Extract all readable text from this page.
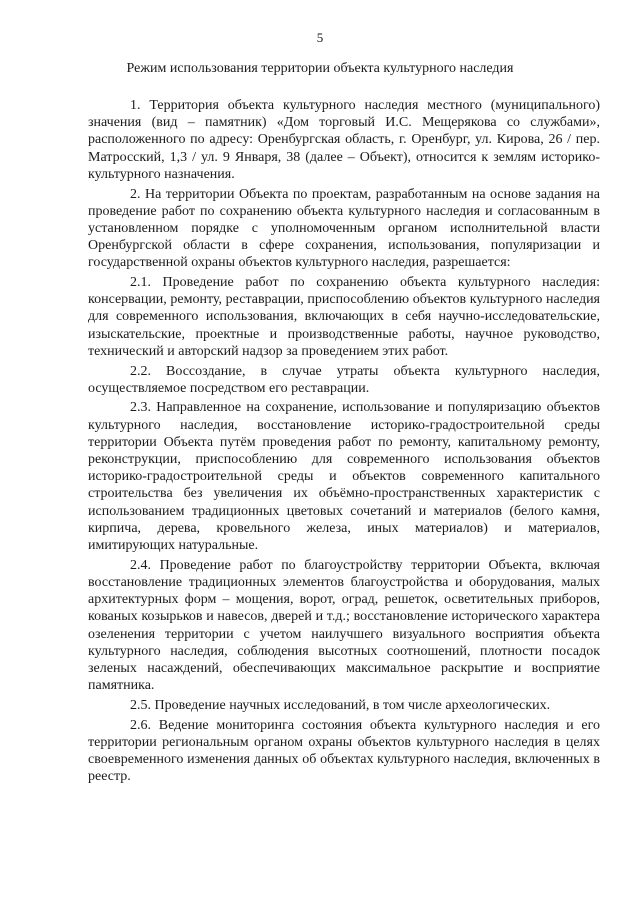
5
Режим использования территории объекта культурного наследия

1. Территория объекта культурного наследия местного (муниципального) значения (вид – памятник) «Дом торговый И.С. Мещерякова со службами», расположенного по адресу: Оренбургская область, г. Оренбург, ул. Кирова, 26 / пер. Матросский, 1,3 / ул. 9 Января, 38 (далее – Объект), относится к землям историко-культурного назначения.

2. На территории Объекта по проектам, разработанным на основе задания на проведение работ по сохранению объекта культурного наследия и согласованным в установленном порядке с уполномоченным органом исполнительной власти Оренбургской области в сфере сохранения, использования, популяризации и государственной охраны объектов культурного наследия, разрешается:

2.1. Проведение работ по сохранению объекта культурного наследия: консервации, ремонту, реставрации, приспособлению объектов культурного наследия для современного использования, включающих в себя научно-исследовательские, изыскательские, проектные и производственные работы, научное руководство, технический и авторский надзор за проведением этих работ.

2.2. Воссоздание, в случае утраты объекта культурного наследия, осуществляемое посредством его реставрации.

2.3. Направленное на сохранение, использование и популяризацию объектов культурного наследия, восстановление историко-градостроительной среды территории Объекта путём проведения работ по ремонту, капитальному ремонту, реконструкции, приспособлению для современного использования объектов историко-градостроительной среды и объектов современного капитального строительства без увеличения их объёмно-пространственных характеристик с использованием традиционных цветовых сочетаний и материалов (белого камня, кирпича, дерева, кровельного железа, иных материалов) и материалов, имитирующих натуральные.

2.4. Проведение работ по благоустройству территории Объекта, включая восстановление традиционных элементов благоустройства и оборудования, малых архитектурных форм – мощения, ворот, оград, решеток, осветительных приборов, кованых козырьков и навесов, дверей и т.д.; восстановление исторического характера озеленения территории с учетом наилучшего визуального восприятия объекта культурного наследия, соблюдения высотных соотношений, плотности посадок зеленых насаждений, обеспечивающих максимальное раскрытие и восприятие памятника.

2.5. Проведение научных исследований, в том числе археологических.

2.6. Ведение мониторинга состояния объекта культурного наследия и его территории региональным органом охраны объектов культурного наследия в целях своевременного изменения данных об объектах культурного наследия, включенных в реестр.
